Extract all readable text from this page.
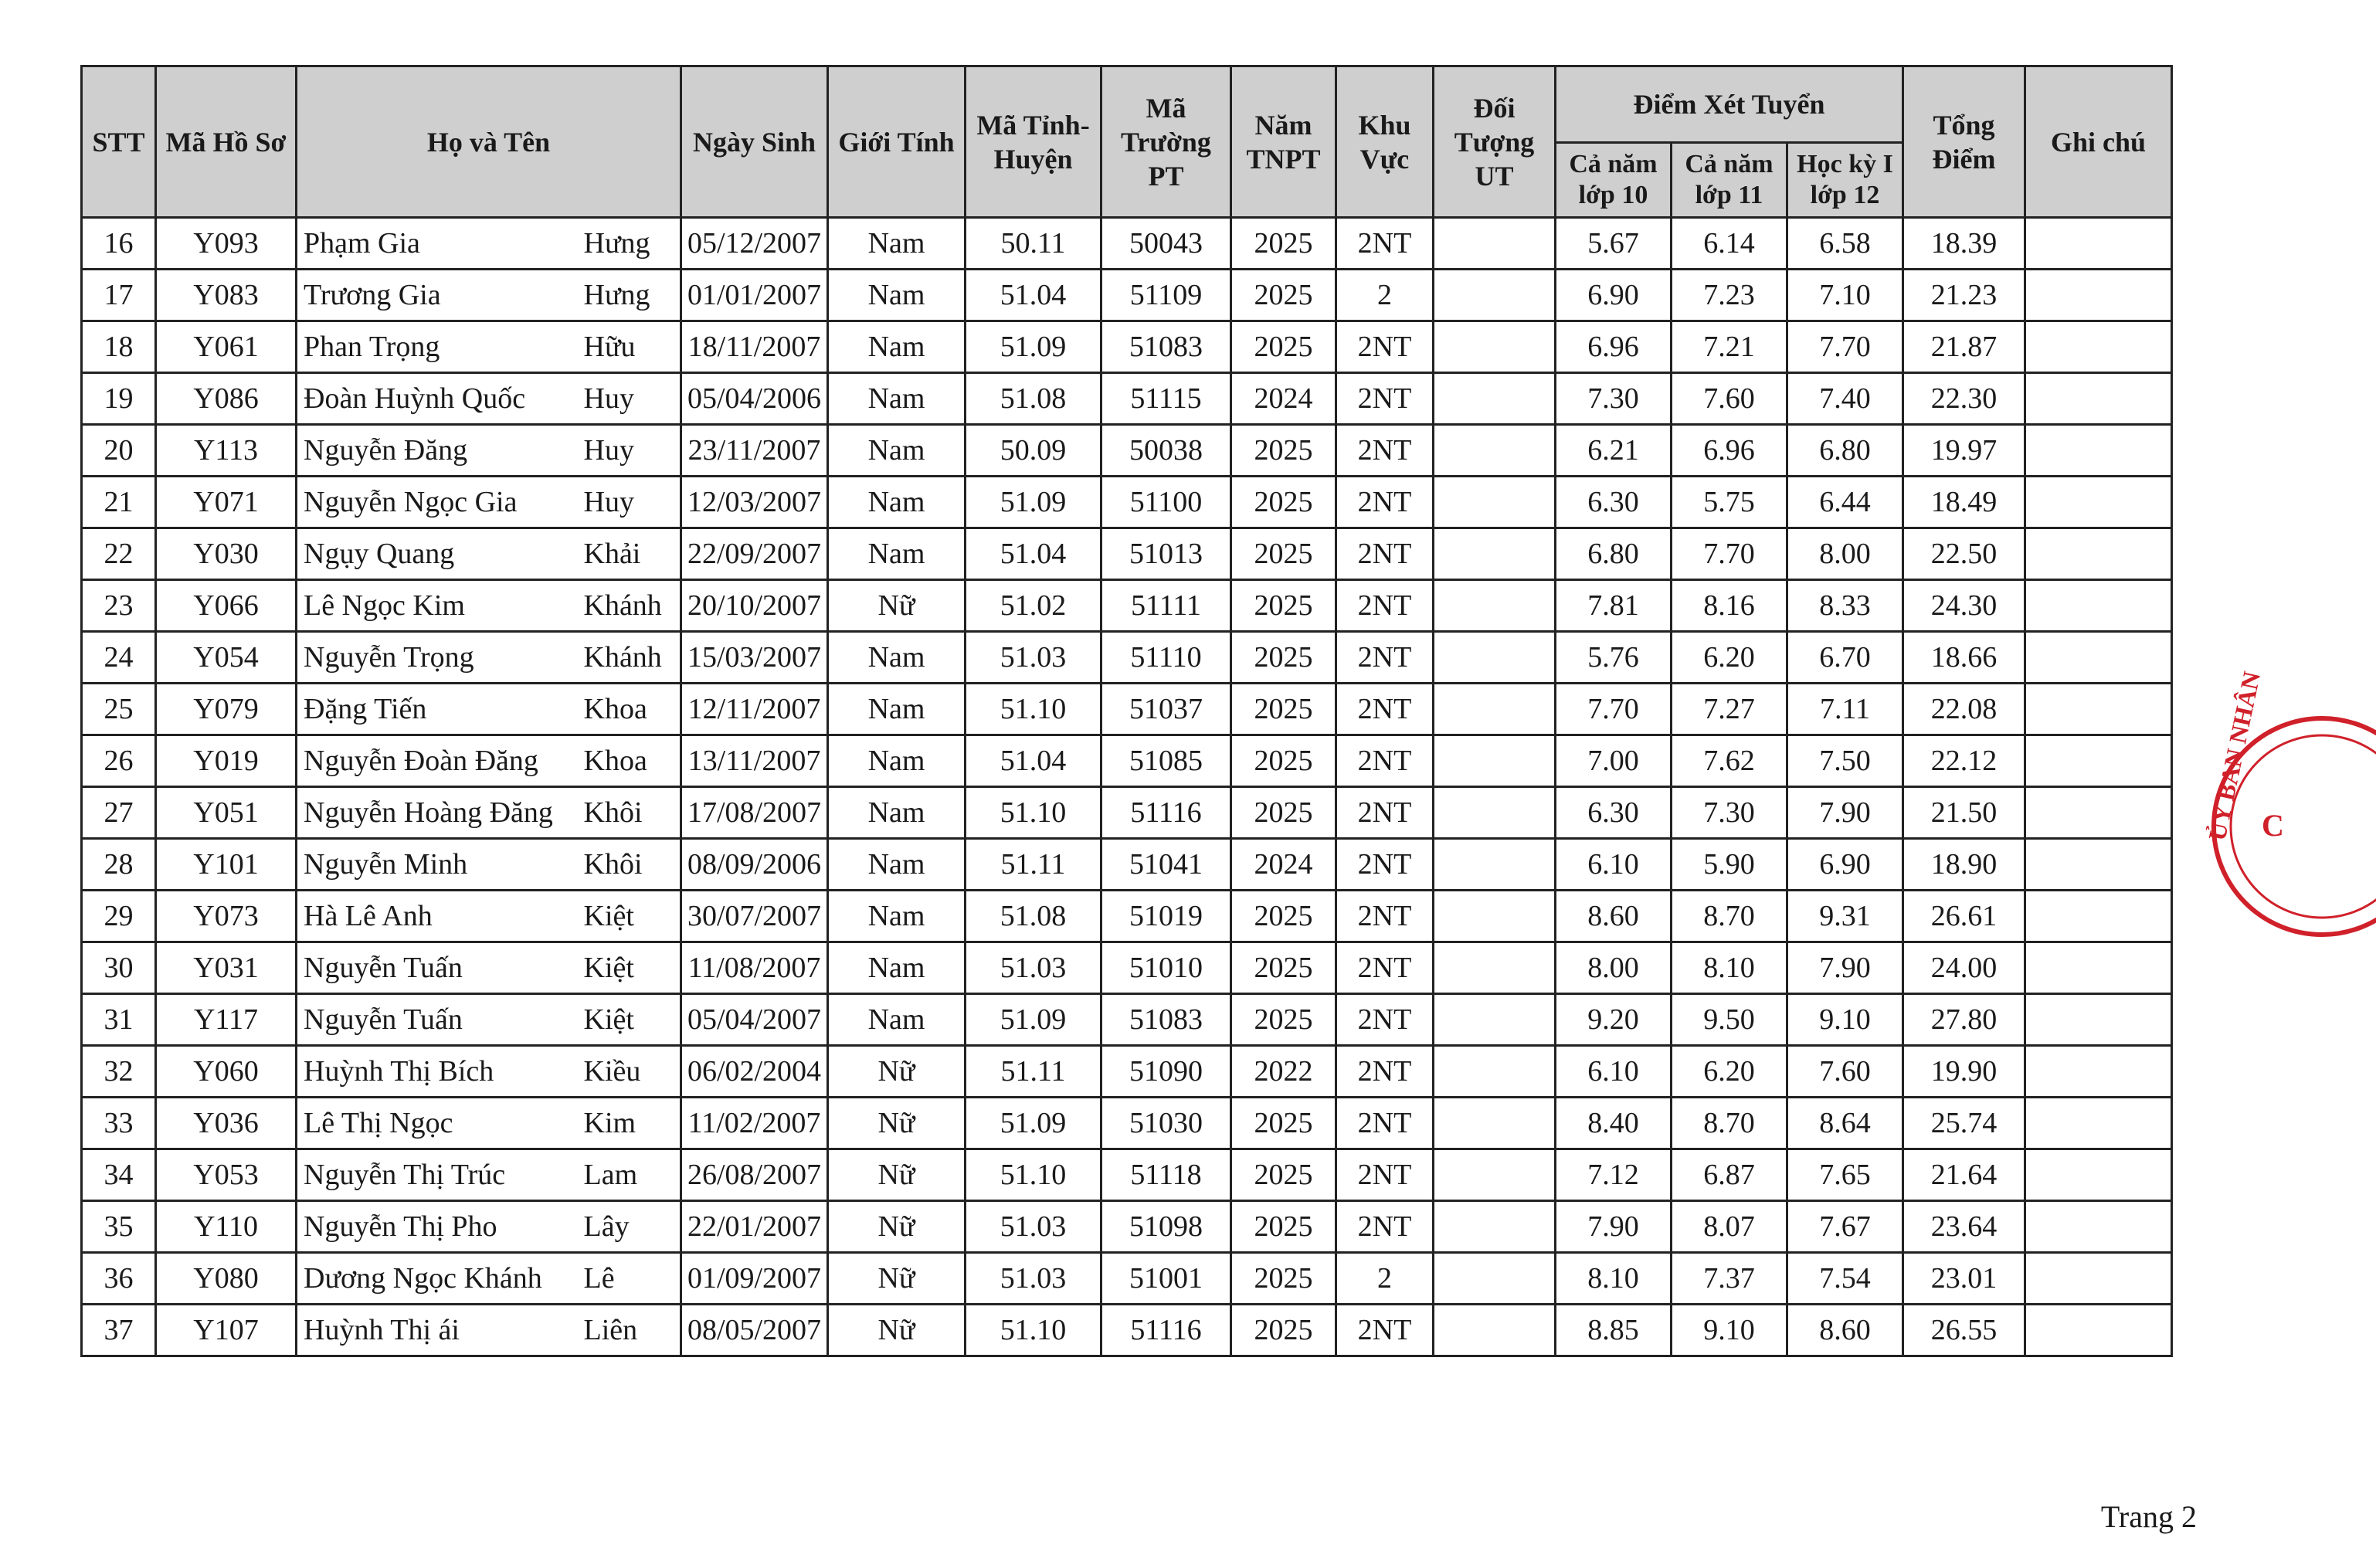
STT	Mã Hồ Sơ	Họ và Tên		Ngày Sinh	Giới Tính	Mã Tỉnh-Huyện	Mã Trường PT	Năm TNPT	Khu Vực	Đối Tượng UT	Điểm Xét Tuyển			Tổng Điểm	Ghi chú
											Cả năm lớp 10	Cả năm lớp 11	Học kỳ I lớp 12		
16	Y093	Phạm Gia	Hưng	05/12/2007	Nam	50.11	50043	2025	2NT		5.67	6.14	6.58	18.39	
17	Y083	Trương Gia	Hưng	01/01/2007	Nam	51.04	51109	2025	2		6.90	7.23	7.10	21.23	
18	Y061	Phan Trọng	Hữu	18/11/2007	Nam	51.09	51083	2025	2NT		6.96	7.21	7.70	21.87	
19	Y086	Đoàn Huỳnh Quốc	Huy	05/04/2006	Nam	51.08	51115	2024	2NT		7.30	7.60	7.40	22.30	
20	Y113	Nguyễn Đăng	Huy	23/11/2007	Nam	50.09	50038	2025	2NT		6.21	6.96	6.80	19.97	
21	Y071	Nguyễn Ngọc Gia	Huy	12/03/2007	Nam	51.09	51100	2025	2NT		6.30	5.75	6.44	18.49	
22	Y030	Ngụy Quang	Khải	22/09/2007	Nam	51.04	51013	2025	2NT		6.80	7.70	8.00	22.50	
23	Y066	Lê Ngọc Kim	Khánh	20/10/2007	Nữ	51.02	51111	2025	2NT		7.81	8.16	8.33	24.30	
24	Y054	Nguyễn Trọng	Khánh	15/03/2007	Nam	51.03	51110	2025	2NT		5.76	6.20	6.70	18.66	
25	Y079	Đặng Tiến	Khoa	12/11/2007	Nam	51.10	51037	2025	2NT		7.70	7.27	7.11	22.08	
26	Y019	Nguyễn Đoàn Đăng	Khoa	13/11/2007	Nam	51.04	51085	2025	2NT		7.00	7.62	7.50	22.12	
27	Y051	Nguyễn Hoàng Đăng	Khôi	17/08/2007	Nam	51.10	51116	2025	2NT		6.30	7.30	7.90	21.50	
28	Y101	Nguyễn Minh	Khôi	08/09/2006	Nam	51.11	51041	2024	2NT		6.10	5.90	6.90	18.90	
29	Y073	Hà Lê Anh	Kiệt	30/07/2007	Nam	51.08	51019	2025	2NT		8.60	8.70	9.31	26.61	
30	Y031	Nguyễn Tuấn	Kiệt	11/08/2007	Nam	51.03	51010	2025	2NT		8.00	8.10	7.90	24.00	
31	Y117	Nguyễn Tuấn	Kiệt	05/04/2007	Nam	51.09	51083	2025	2NT		9.20	9.50	9.10	27.80	
32	Y060	Huỳnh Thị Bích	Kiều	06/02/2004	Nữ	51.11	51090	2022	2NT		6.10	6.20	7.60	19.90	
33	Y036	Lê Thị Ngọc	Kim	11/02/2007	Nữ	51.09	51030	2025	2NT		8.40	8.70	8.64	25.74	
34	Y053	Nguyễn Thị Trúc	Lam	26/08/2007	Nữ	51.10	51118	2025	2NT		7.12	6.87	7.65	21.64	
35	Y110	Nguyễn Thị Pho	Lây	22/01/2007	Nữ	51.03	51098	2025	2NT		7.90	8.07	7.67	23.64	
36	Y080	Dương Ngọc Khánh	Lê	01/09/2007	Nữ	51.03	51001	2025	2		8.10	7.37	7.54	23.01	
37	Y107	Huỳnh Thị ái	Liên	08/05/2007	Nữ	51.10	51116	2025	2NT		8.85	9.10	8.60	26.55	
ỦY BAN NHÂN
C
Trang 2
